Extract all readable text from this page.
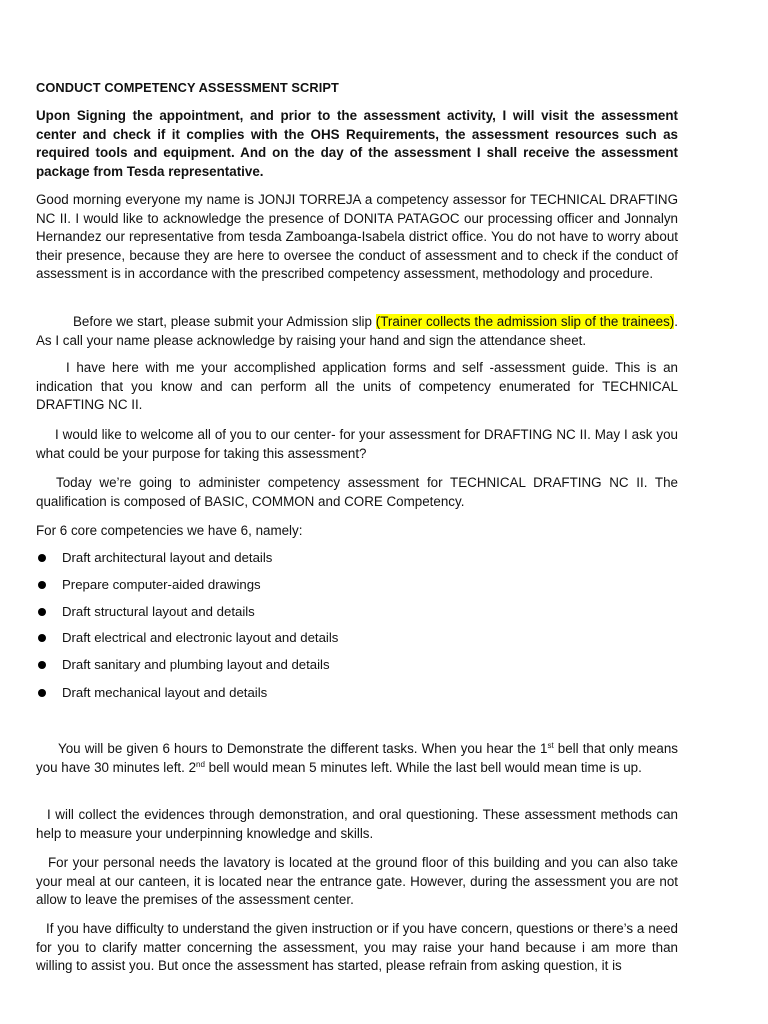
CONDUCT COMPETENCY ASSESSMENT SCRIPT

Upon Signing the appointment, and prior to the assessment activity, I will visit the assessment center and check if it complies with the OHS Requirements, the assessment resources such as required tools and equipment. And on the day of the assessment I shall receive the assessment package from Tesda representative.

Good morning everyone my name is JONJI TORREJA a competency assessor for TECHNICAL DRAFTING NC II. I would like to acknowledge the presence of DONITA PATAGOC our processing officer and Jonnalyn Hernandez our representative from tesda Zamboanga-Isabela district office. You do not have to worry about their presence, because they are here to oversee the conduct of assessment and to check if the conduct of assessment is in accordance with the prescribed competency assessment, methodology and procedure.

Before we start, please submit your Admission slip (Trainer collects the admission slip of the trainees). As I call your name please acknowledge by raising your hand and sign the attendance sheet.

I have here with me your accomplished application forms and self -assessment guide. This is an indication that you know and can perform all the units of competency enumerated for TECHNICAL DRAFTING NC II.

I would like to welcome all of you to our center- for your assessment for DRAFTING NC II. May I ask you what could be your purpose for taking this assessment?

Today we’re going to administer competency assessment for TECHNICAL DRAFTING NC II. The qualification is composed of BASIC, COMMON and CORE Competency.

For 6 core competencies we have 6, namely:

Draft architectural layout and details
Prepare computer-aided drawings
Draft structural layout and details
Draft electrical and electronic layout and details
Draft sanitary and plumbing layout and details
Draft mechanical layout and details

You will be given 6 hours to Demonstrate the different tasks. When you hear the 1st bell that only means you have 30 minutes left. 2nd bell would mean 5 minutes left. While the last bell would mean time is up.

I will collect the evidences through demonstration, and oral questioning. These assessment methods can help to measure your underpinning knowledge and skills.

For your personal needs the lavatory is located at the ground floor of this building and you can also take your meal at our canteen, it is located near the entrance gate. However, during the assessment you are not allow to leave the premises of the assessment center.

If you have difficulty to understand the given instruction or if you have concern, questions or there’s a need for you to clarify matter concerning the assessment, you may raise your hand because i am more than willing to assist you. But once the assessment has started, please refrain from asking question, it is
